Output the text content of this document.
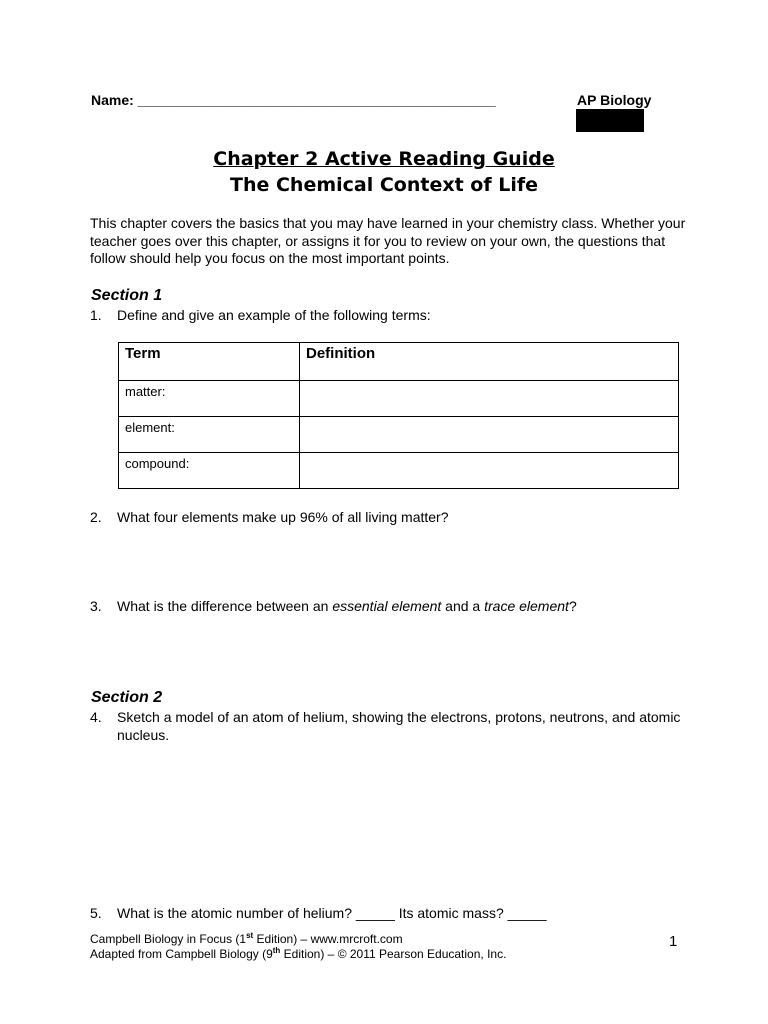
Name: ______________________________________________	AP Biology
Chapter 2 Active Reading Guide
The Chemical Context of Life
This chapter covers the basics that you may have learned in your chemistry class. Whether your teacher goes over this chapter, or assigns it for you to review on your own, the questions that follow should help you focus on the most important points.
Section 1
1. Define and give an example of the following terms:
Term	Definition
matter:	
element:	
compound:	
2. What four elements make up 96% of all living matter?
3. What is the difference between an essential element and a trace element?
Section 2
4. Sketch a model of an atom of helium, showing the electrons, protons, neutrons, and atomic nucleus.
5. What is the atomic number of helium? _____ Its atomic mass? _____
Campbell Biology in Focus (1st Edition) – www.mrcroft.com
Adapted from Campbell Biology (9th Edition) – © 2011 Pearson Education, Inc.
1
